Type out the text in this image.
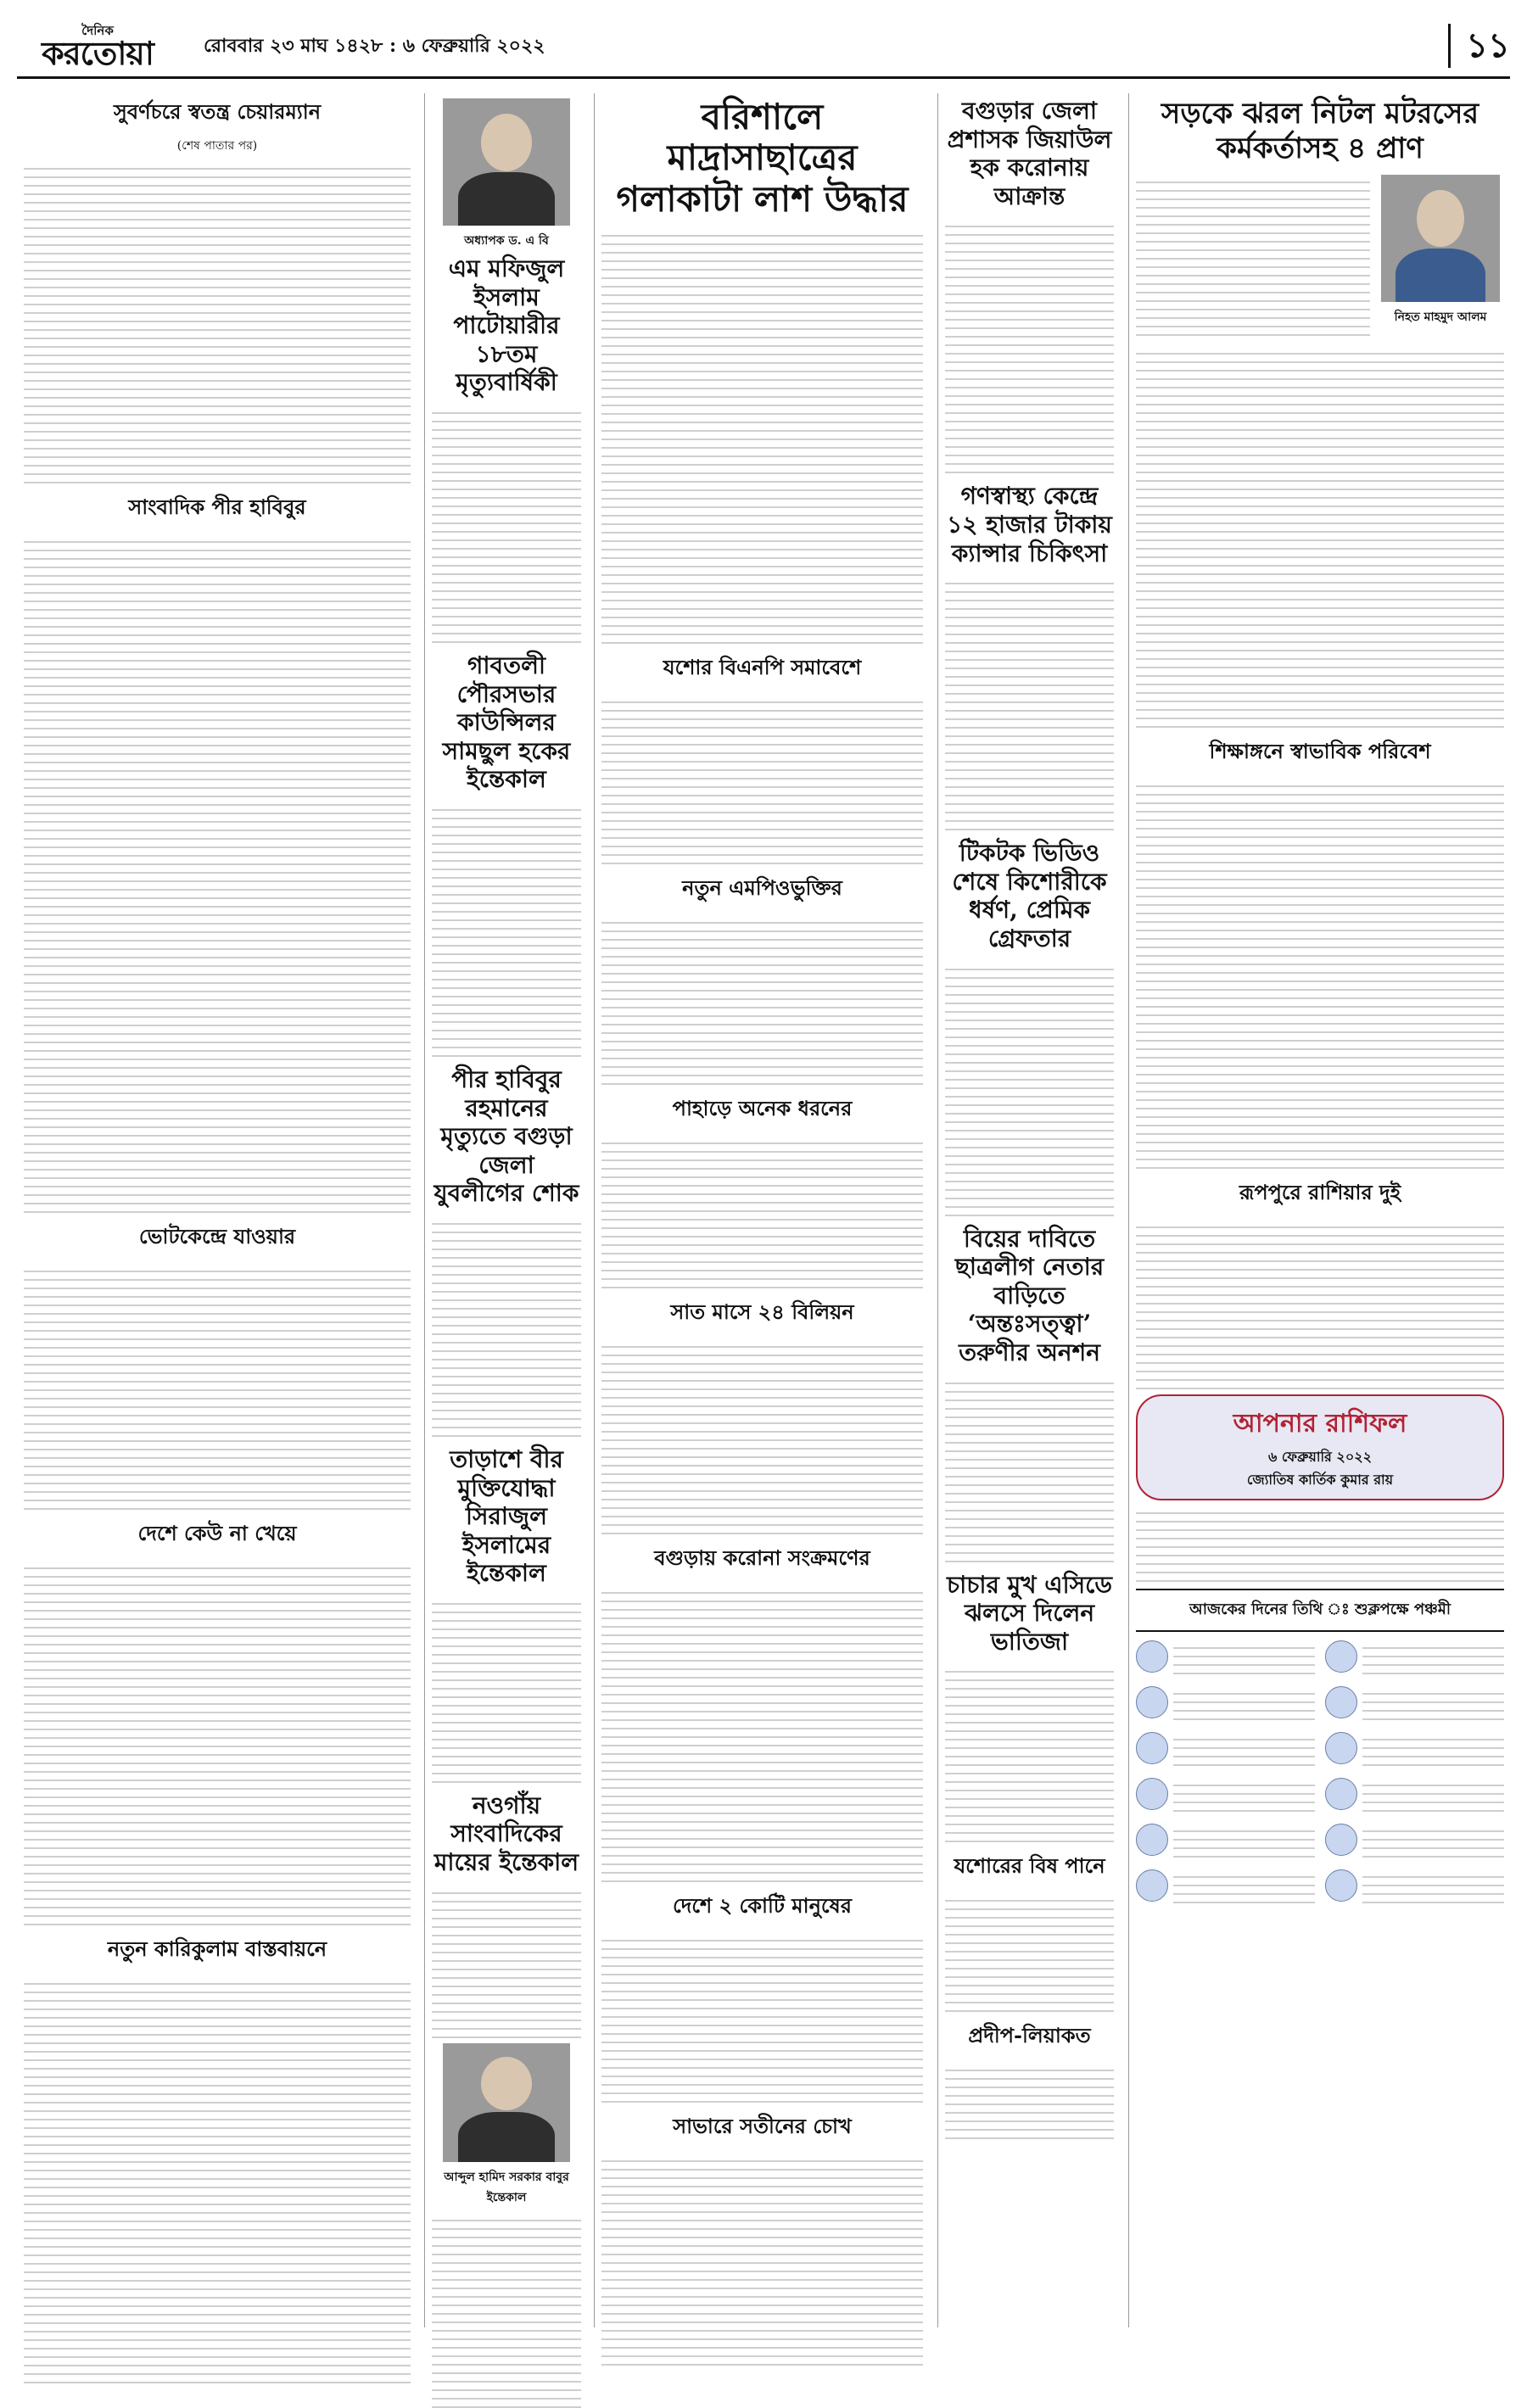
দৈনিক
করতোয়া	রোববার ২৩ মাঘ ১৪২৮ : ৬ ফেব্রুয়ারি ২০২২	১১
সুবর্ণচরে স্বতন্ত্র চেয়ারম্যান
(শেষ পাতার পর)
সাংবাদিক পীর হাবিবুর
ভোটকেন্দ্রে যাওয়ার
দেশে কেউ না খেয়ে
নতুন কারিকুলাম বাস্তবায়নে
অধ্যাপক ড. এ বি
এম মফিজুল ইসলাম পাটোয়ারীর ১৮তম মৃত্যুবার্ষিকী
গাবতলী পৌরসভার কাউন্সিলর সামছুল হকের ইন্তেকাল
পীর হাবিবুর রহমানের মৃত্যুতে বগুড়া জেলা যুবলীগের শোক
তাড়াশে বীর মুক্তিযোদ্ধা সিরাজুল ইসলামের ইন্তেকাল
নওগাঁয় সাংবাদিকের মায়ের ইন্তেকাল
আব্দুল হামিদ সরকার বাবুর ইন্তেকাল
বরিশালে মাদ্রাসাছাত্রের গলাকাটা লাশ উদ্ধার
যশোর বিএনপি সমাবেশে
নতুন এমপিওভুক্তির
পাহাড়ে অনেক ধরনের
সাত মাসে ২৪ বিলিয়ন
বগুড়ায় করোনা সংক্রমণের
দেশে ২ কোটি মানুষের
সাভারে সতীনের চোখ
বগুড়ার জেলা প্রশাসক জিয়াউল হক করোনায় আক্রান্ত
গণস্বাস্থ্য কেন্দ্রে ১২ হাজার টাকায় ক্যান্সার চিকিৎসা
টিকটক ভিডিও শেষে কিশোরীকে ধর্ষণ, প্রেমিক গ্রেফতার
বিয়ের দাবিতে ছাত্রলীগ নেতার বাড়িতে ‘অন্তঃসত্ত্বা’ তরুণীর অনশন
চাচার মুখ এসিডে ঝলসে দিলেন ভাতিজা
যশোরের বিষ পানে
প্রদীপ-লিয়াকত
সড়কে ঝরল নিটল মটরসের কর্মকর্তাসহ ৪ প্রাণ
নিহত মাহমুদ আলম
শিক্ষাঙ্গনে স্বাভাবিক পরিবেশ
রূপপুরে রাশিয়ার দুই
আপনার রাশিফল
৬ ফেব্রুয়ারি ২০২২
জ্যোতিষ কার্তিক কুমার রায়
আজকের দিনের তিথি ঃ শুক্লপক্ষে পঞ্চমী
